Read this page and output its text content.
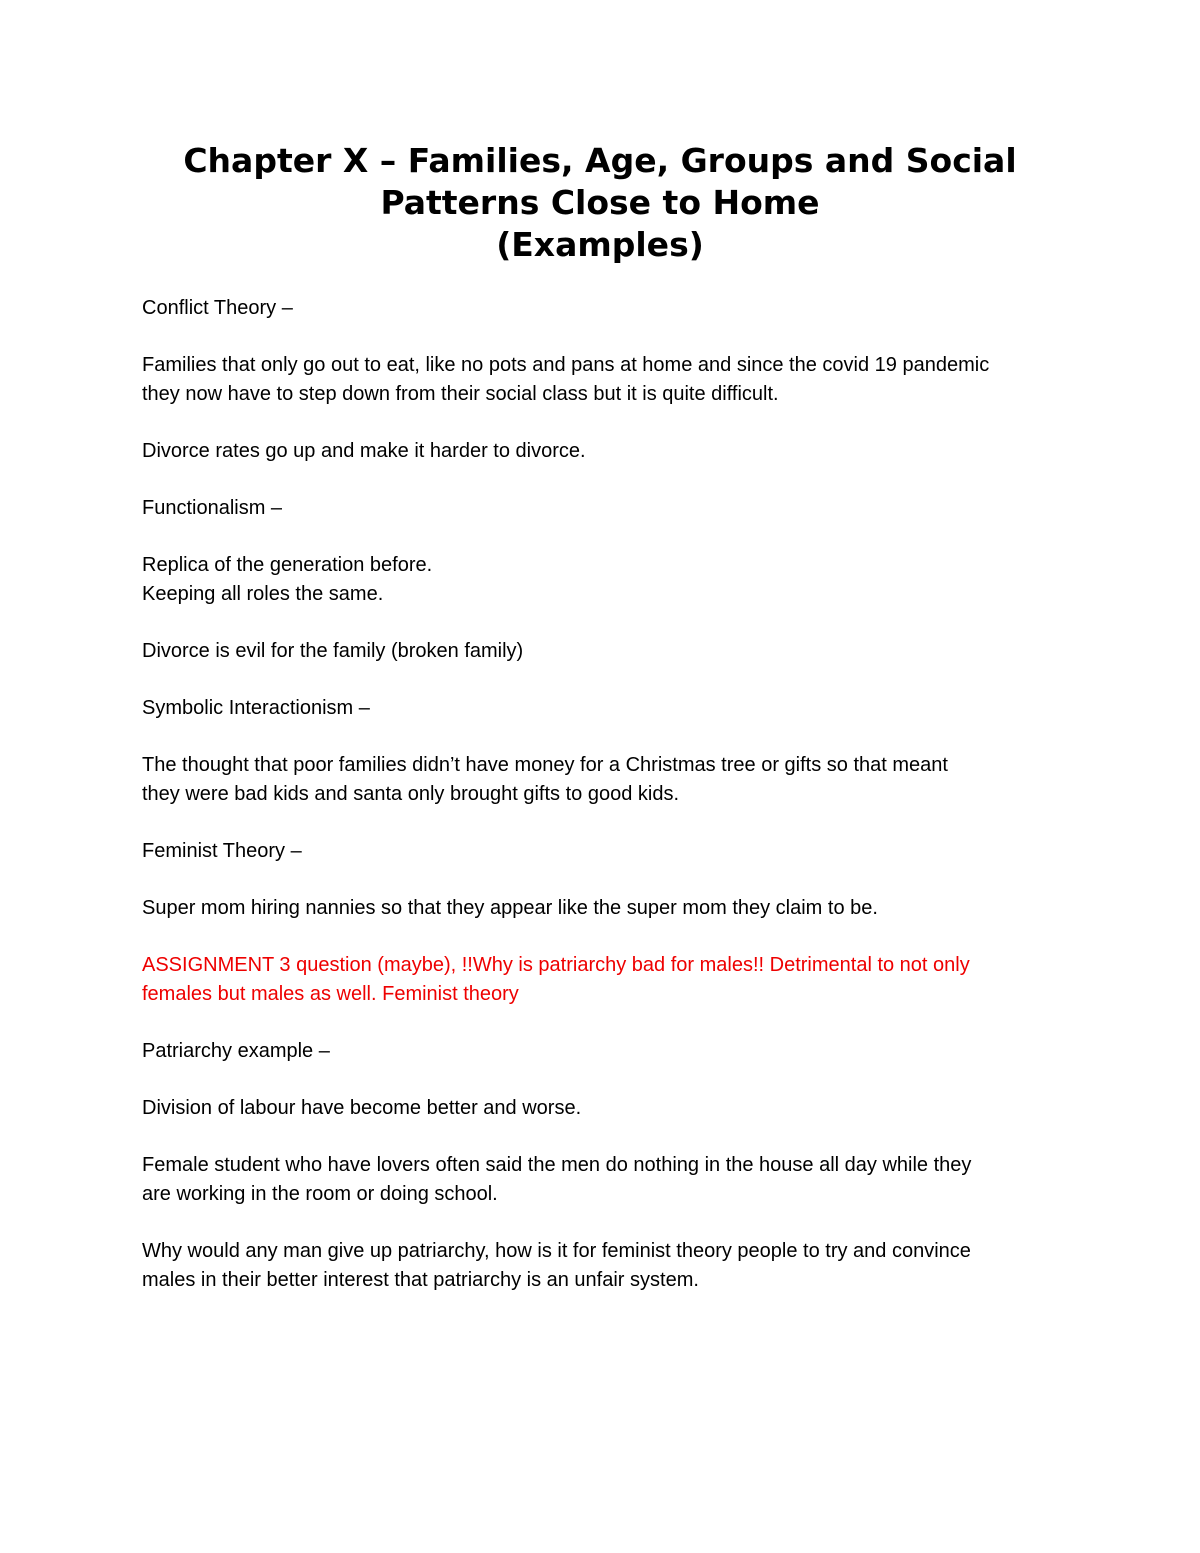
Chapter X – Families, Age, Groups and Social
Patterns Close to Home
(Examples)

Conflict Theory –

Families that only go out to eat, like no pots and pans at home and since the covid 19 pandemic
they now have to step down from their social class but it is quite difficult.

Divorce rates go up and make it harder to divorce.

Functionalism –

Replica of the generation before.
Keeping all roles the same.

Divorce is evil for the family (broken family)

Symbolic Interactionism –

The thought that poor families didn’t have money for a Christmas tree or gifts so that meant
they were bad kids and santa only brought gifts to good kids.

Feminist Theory –

Super mom hiring nannies so that they appear like the super mom they claim to be.

ASSIGNMENT 3 question (maybe), !!Why is patriarchy bad for males!! Detrimental to not only
females but males as well. Feminist theory

Patriarchy example –

Division of labour have become better and worse.

Female student who have lovers often said the men do nothing in the house all day while they
are working in the room or doing school.

Why would any man give up patriarchy, how is it for feminist theory people to try and convince
males in their better interest that patriarchy is an unfair system.
